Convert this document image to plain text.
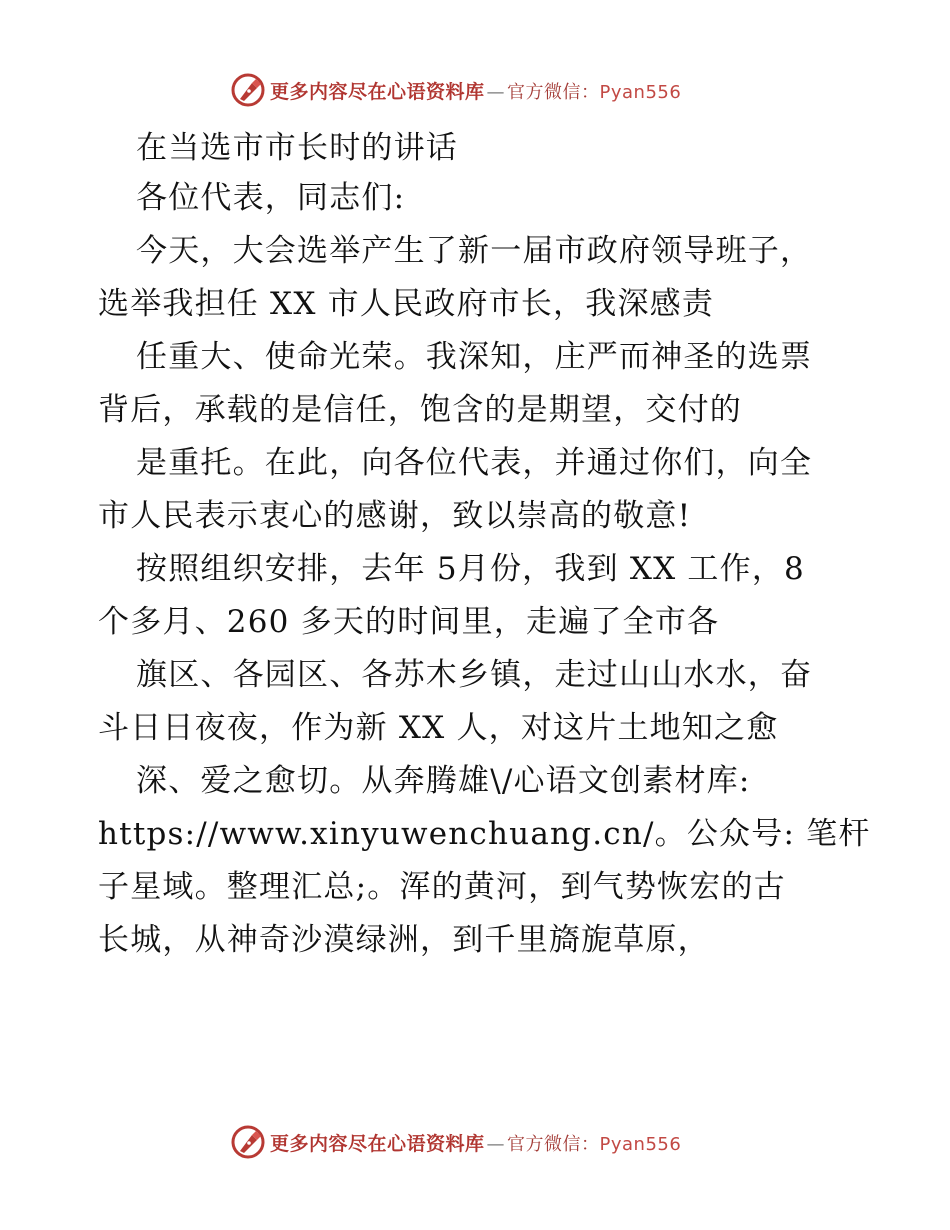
更多内容尽在心语资料库 — 官方微信：Pyan556
在当选市市长时的讲话
各位代表，同志们:
今天，大会选举产生了新一届市政府领导班子，
选举我担任 XX 市人民政府市长，我深感责
任重大、使命光荣。我深知，庄严而神圣的选票
背后，承载的是信任，饱含的是期望，交付的
是重托。在此，向各位代表，并通过你们，向全
市人民表示衷心的感谢，致以崇高的敬意!
按照组织安排，去年 5月份，我到 XX 工作，8
个多月、260 多天的时间里，走遍了全市各
旗区、各园区、各苏木乡镇，走过山山水水，奋
斗日日夜夜，作为新 XX 人，对这片土地知之愈
深、爱之愈切。从奔腾雄\/心语文创素材库:
https://www.xinyuwenchuang.cn/。公众号: 笔杆
子星域。整理汇总;。浑的黄河，到气势恢宏的古
长城，从神奇沙漠绿洲，到千里旖旎草原，
更多内容尽在心语资料库 — 官方微信：Pyan556
